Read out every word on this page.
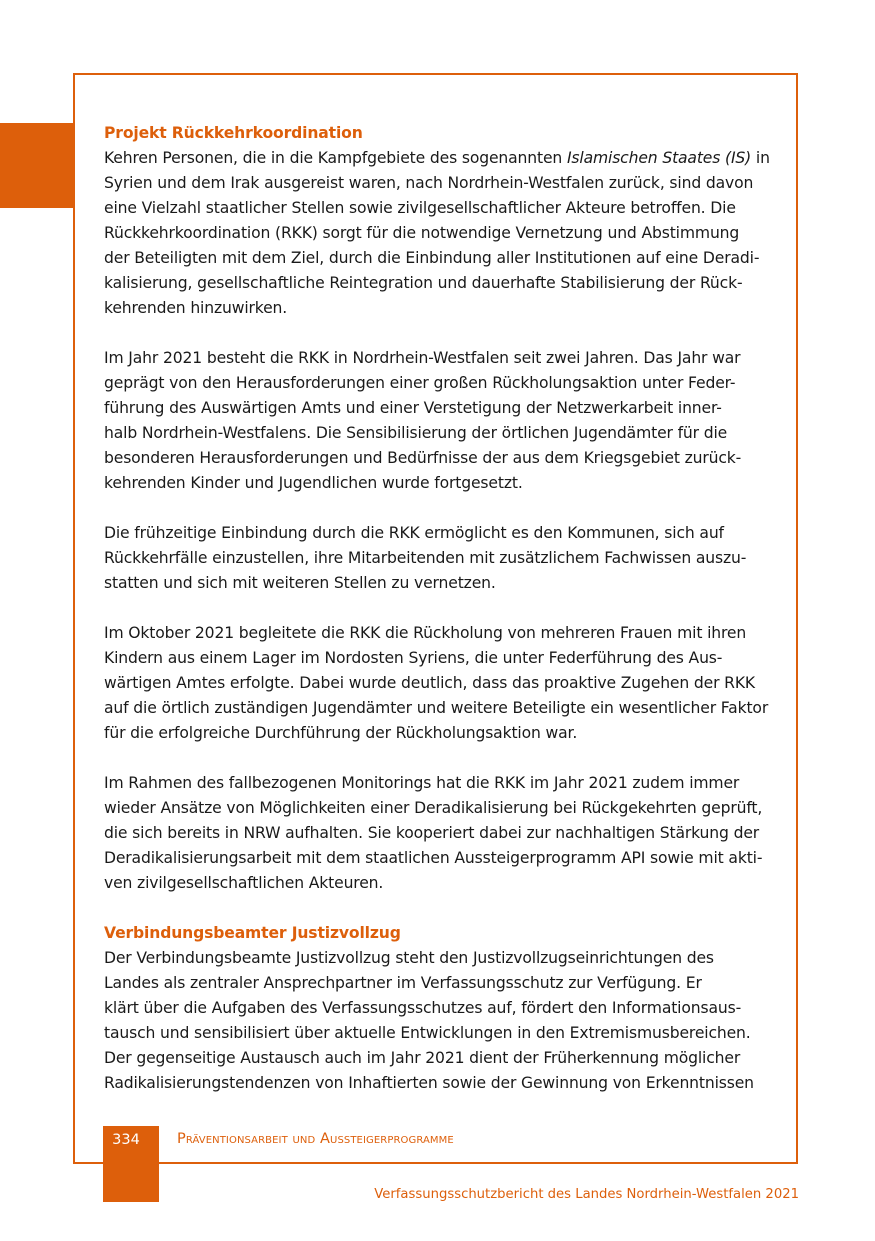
Projekt Rückkehrkoordination

Kehren Personen, die in die Kampfgebiete des sogenannten Islamischen Staates (IS) in
Syrien und dem Irak ausgereist waren, nach Nordrhein-Westfalen zurück, sind davon
eine Vielzahl staatlicher Stellen sowie zivilgesellschaftlicher Akteure betroffen. Die
Rückkehrkoordination (RKK) sorgt für die notwendige Vernetzung und Abstimmung
der Beteiligten mit dem Ziel, durch die Einbindung aller Institutionen auf eine Deradi-
kalisierung, gesellschaftliche Reintegration und dauerhafte Stabilisierung der Rück-
kehrenden hinzuwirken.

Im Jahr 2021 besteht die RKK in Nordrhein-Westfalen seit zwei Jahren. Das Jahr war
geprägt von den Herausforderungen einer großen Rückholungsaktion unter Feder-
führung des Auswärtigen Amts und einer Verstetigung der Netzwerkarbeit inner-
halb Nordrhein-Westfalens. Die Sensibilisierung der örtlichen Jugendämter für die
besonderen Herausforderungen und Bedürfnisse der aus dem Kriegsgebiet zurück-
kehrenden Kinder und Jugendlichen wurde fortgesetzt.

Die frühzeitige Einbindung durch die RKK ermöglicht es den Kommunen, sich auf
Rückkehrfälle einzustellen, ihre Mitarbeitenden mit zusätzlichem Fachwissen auszu-
statten und sich mit weiteren Stellen zu vernetzen.

Im Oktober 2021 begleitete die RKK die Rückholung von mehreren Frauen mit ihren
Kindern aus einem Lager im Nordosten Syriens, die unter Federführung des Aus-
wärtigen Amtes erfolgte. Dabei wurde deutlich, dass das proaktive Zugehen der RKK
auf die örtlich zuständigen Jugendämter und weitere Beteiligte ein wesentlicher Faktor
für die erfolgreiche Durchführung der Rückholungsaktion war.

Im Rahmen des fallbezogenen Monitorings hat die RKK im Jahr 2021 zudem immer
wieder Ansätze von Möglichkeiten einer Deradikalisierung bei Rückgekehrten geprüft,
die sich bereits in NRW aufhalten. Sie kooperiert dabei zur nachhaltigen Stärkung der
Deradikalisierungsarbeit mit dem staatlichen Aussteigerprogramm API sowie mit akti-
ven zivilgesellschaftlichen Akteuren.

Verbindungsbeamter Justizvollzug

Der Verbindungsbeamte Justizvollzug steht den Justizvollzugseinrichtungen des
Landes als zentraler Ansprechpartner im Verfassungsschutz zur Verfügung. Er
klärt über die Aufgaben des Verfassungsschutzes auf, fördert den Informationsaus-
tausch und sensibilisiert über aktuelle Entwicklungen in den Extremismusbereichen.
Der gegenseitige Austausch auch im Jahr 2021 dient der Früherkennung möglicher
Radikalisierungstendenzen von Inhaftierten sowie der Gewinnung von Erkenntnissen

334	Präventionsarbeit und Aussteigerprogramme
Verfassungsschutzbericht des Landes Nordrhein-Westfalen 2021
